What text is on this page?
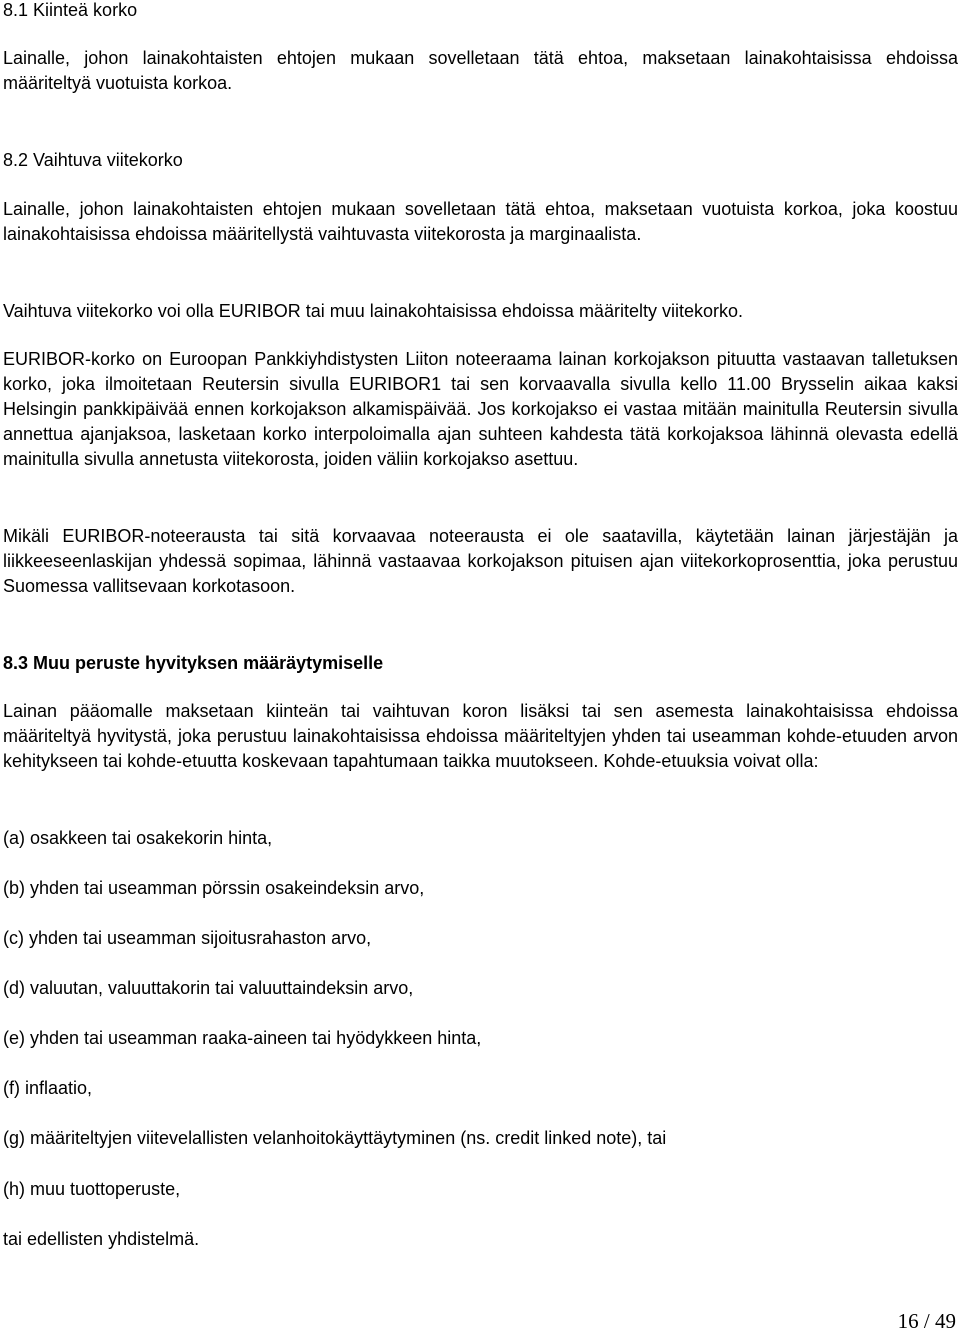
8.1 Kiinteä korko

Lainalle, johon lainakohtaisten ehtojen mukaan sovelletaan tätä ehtoa, maksetaan lainakohtaisissa ehdoissa määriteltyä vuotuista korkoa.

8.2 Vaihtuva viitekorko

Lainalle, johon lainakohtaisten ehtojen mukaan sovelletaan tätä ehtoa, maksetaan vuotuista korkoa, joka koostuu lainakohtaisissa ehdoissa määritellystä vaihtuvasta viitekorosta ja marginaalista.

Vaihtuva viitekorko voi olla EURIBOR tai muu lainakohtaisissa ehdoissa määritelty viitekorko.

EURIBOR-korko on Euroopan Pankkiyhdistysten Liiton noteeraama lainan korkojakson pituutta vastaavan talletuksen korko, joka ilmoitetaan Reutersin sivulla EURIBOR1 tai sen korvaavalla sivulla kello 11.00 Brysselin aikaa kaksi Helsingin pankkipäivää ennen korkojakson alkamispäivää. Jos korkojakso ei vastaa mitään mainitulla Reutersin sivulla annettua ajanjaksoa, lasketaan korko interpoloimalla ajan suhteen kahdesta tätä korkojaksoa lähinnä olevasta edellä mainitulla sivulla annetusta viitekorosta, joiden väliin korkojakso asettuu.

Mikäli EURIBOR-noteerausta tai sitä korvaavaa noteerausta ei ole saatavilla, käytetään lainan järjestäjän ja liikkeeseenlaskijan yhdessä sopimaa, lähinnä vastaavaa korkojakson pituisen ajan viitekorkoprosenttia, joka perustuu Suomessa vallitsevaan korkotasoon.

8.3 Muu peruste hyvityksen määräytymiselle

Lainan pääomalle maksetaan kiinteän tai vaihtuvan koron lisäksi tai sen asemesta lainakohtaisissa ehdoissa määriteltyä hyvitystä, joka perustuu lainakohtaisissa ehdoissa määriteltyjen yhden tai useamman kohde-etuuden arvon kehitykseen tai kohde-etuutta koskevaan tapahtumaan taikka muutokseen. Kohde-etuuksia voivat olla:

(a) osakkeen tai osakekorin hinta,
(b) yhden tai useamman pörssin osakeindeksin arvo,
(c) yhden tai useamman sijoitusrahaston arvo,
(d) valuutan, valuuttakorin tai valuuttaindeksin arvo,
(e) yhden tai useamman raaka-aineen tai hyödykkeen hinta,
(f) inflaatio,
(g) määriteltyjen viitevelallisten velanhoitokäyttäytyminen (ns. credit linked note), tai
(h) muu tuottoperuste,
tai edellisten yhdistelmä.
16 / 49
